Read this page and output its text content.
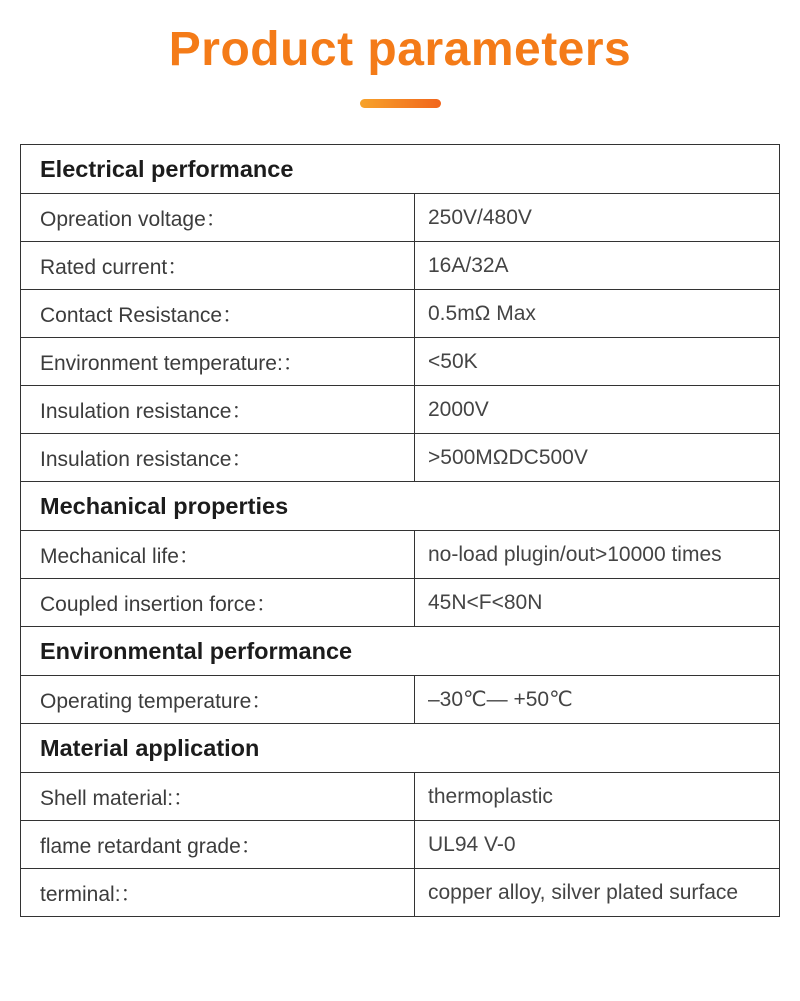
Product parameters
Electrical performance	
Opreation voltage：	250V/480V
Rated current：	16A/32A
Contact Resistance：	0.5mΩ Max
Environment temperature:：	<50K
Insulation resistance：	2000V
Insulation resistance：	>500MΩDC500V
Mechanical properties	
Mechanical life：	no-load plugin/out>10000 times
Coupled insertion force：	45N<F<80N
Environmental performance	
Operating temperature：	–30℃— +50℃
Material application	
Shell material:：	thermoplastic
flame retardant grade：	UL94 V-0
terminal:：	copper alloy, silver plated surface
